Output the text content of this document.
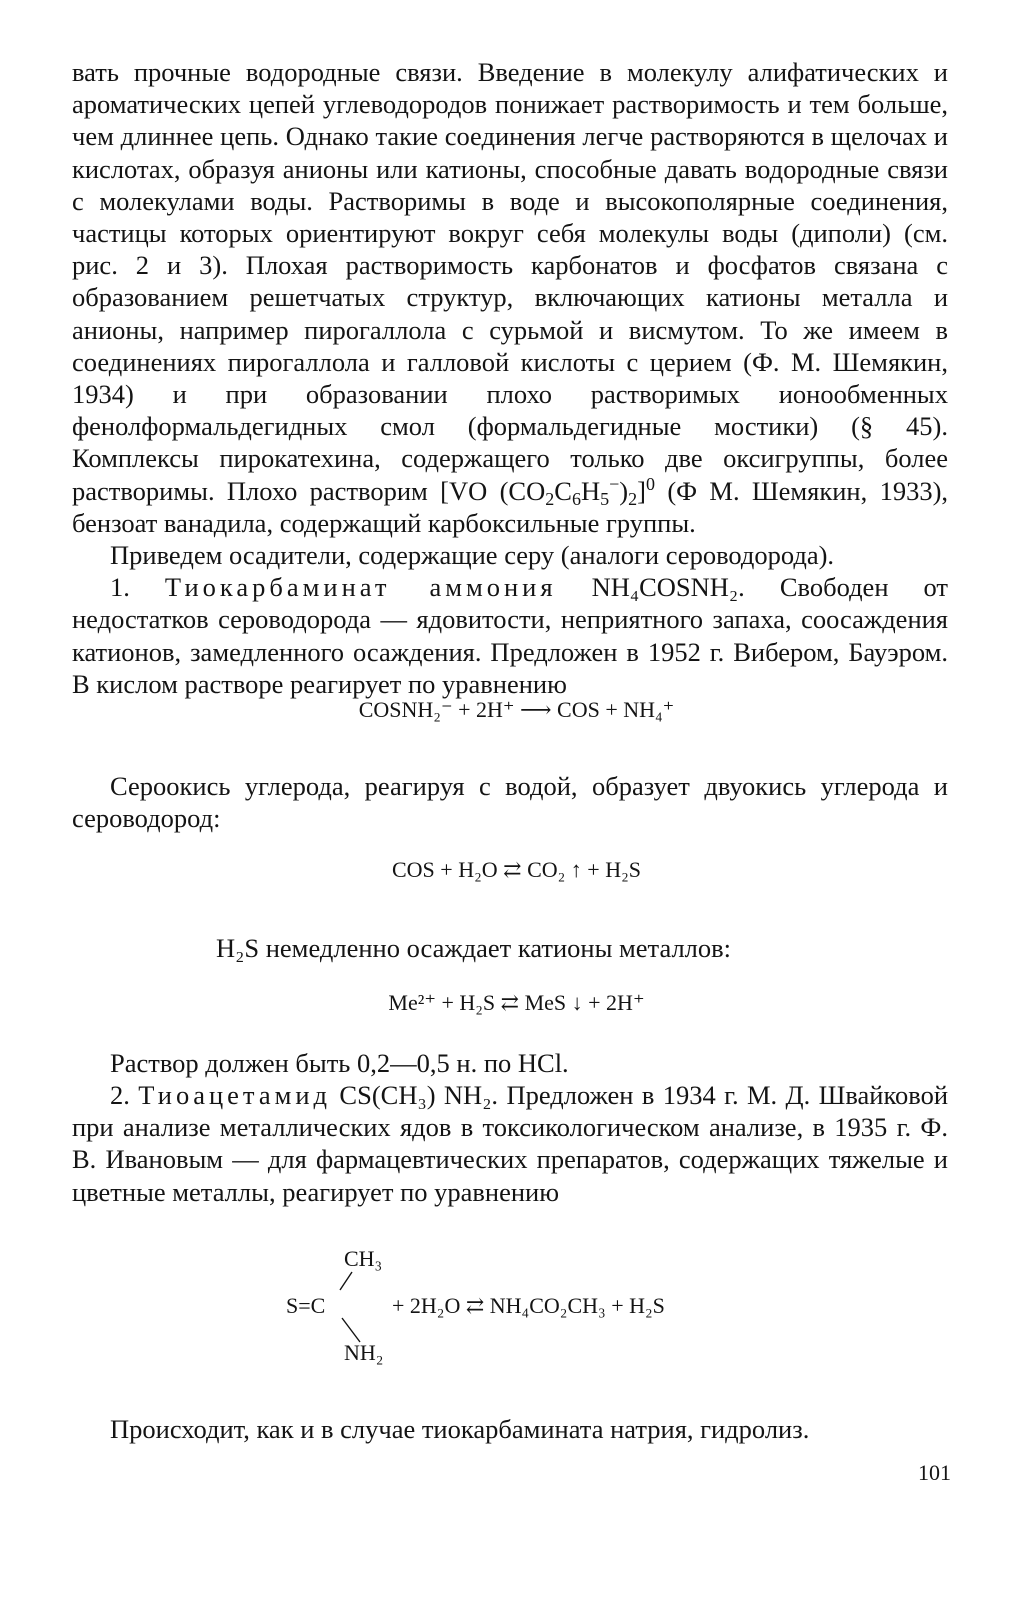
вать прочные водородные связи. Введение в молекулу алифатических и ароматических цепей углеводородов понижает растворимость и тем больше, чем длиннее цепь. Однако такие соединения легче растворяются в щелочах и кислотах, образуя анионы или катионы, способные давать водородные связи с молекулами воды. Растворимы в воде и высокополярные соединения, частицы которых ориентируют вокруг себя молекулы воды (диполи) (см. рис. 2 и 3). Плохая растворимость карбонатов и фосфатов связана с образованием решетчатых структур, включающих катионы металла и анионы, например пирогаллола с сурьмой и висмутом. То же имеем в соединениях пирогаллола и галловой кислоты с церием (Ф. М. Шемякин, 1934) и при образовании плохо растворимых ионообменных фенолформальдегидных смол (формальдегидные мостики) (§ 45). Комплексы пирокатехина, содержащего только две оксигруппы, более растворимы. Плохо растворим [VO $(CO_2C_6H_5^-)_2]^0$ (Ф М. Шемякин, 1933), бензоат ванадила, содержащий карбоксильные группы.

Приведем осадители, содержащие серу (аналоги сероводорода).

1. Тиокарбаминат аммония NH₄COSNH₂. Свободен от недостатков сероводорода — ядовитости, неприятного запаха, соосаждения катионов, замедленного осаждения. Предложен в 1952 г. Вибером, Бауэром. В кислом растворе реагирует по уравнению

COSNH₂⁻ + 2H⁺ ⟶ COS + NH₄⁺
Сероокись углерода, реагируя с водой, образует двуокись углерода и сероводород:
COS + H₂O ⇄ CO₂ ↑ + H₂S
H₂S немедленно осаждает катионы металлов:
Me²⁺ + H₂S ⇄ MeS ↓ + 2H⁺
Раствор должен быть 0,2—0,5 н. по HCl.
2. Тиоацетамид CS(CH₃) NH₂. Предложен в 1934 г. М. Д. Швайковой при анализе металлических ядов в токсикологическом анализе, в 1935 г. Ф. В. Ивановым — для фармацевтических препаратов, содержащих тяжелые и цветные металлы, реагирует по уравнению
CH₃
S=C	+ 2H₂O ⇄ NH₄CO₂CH₃ + H₂S
NH₂
Происходит, как и в случае тиокарбамината натрия, гидролиз.
101
